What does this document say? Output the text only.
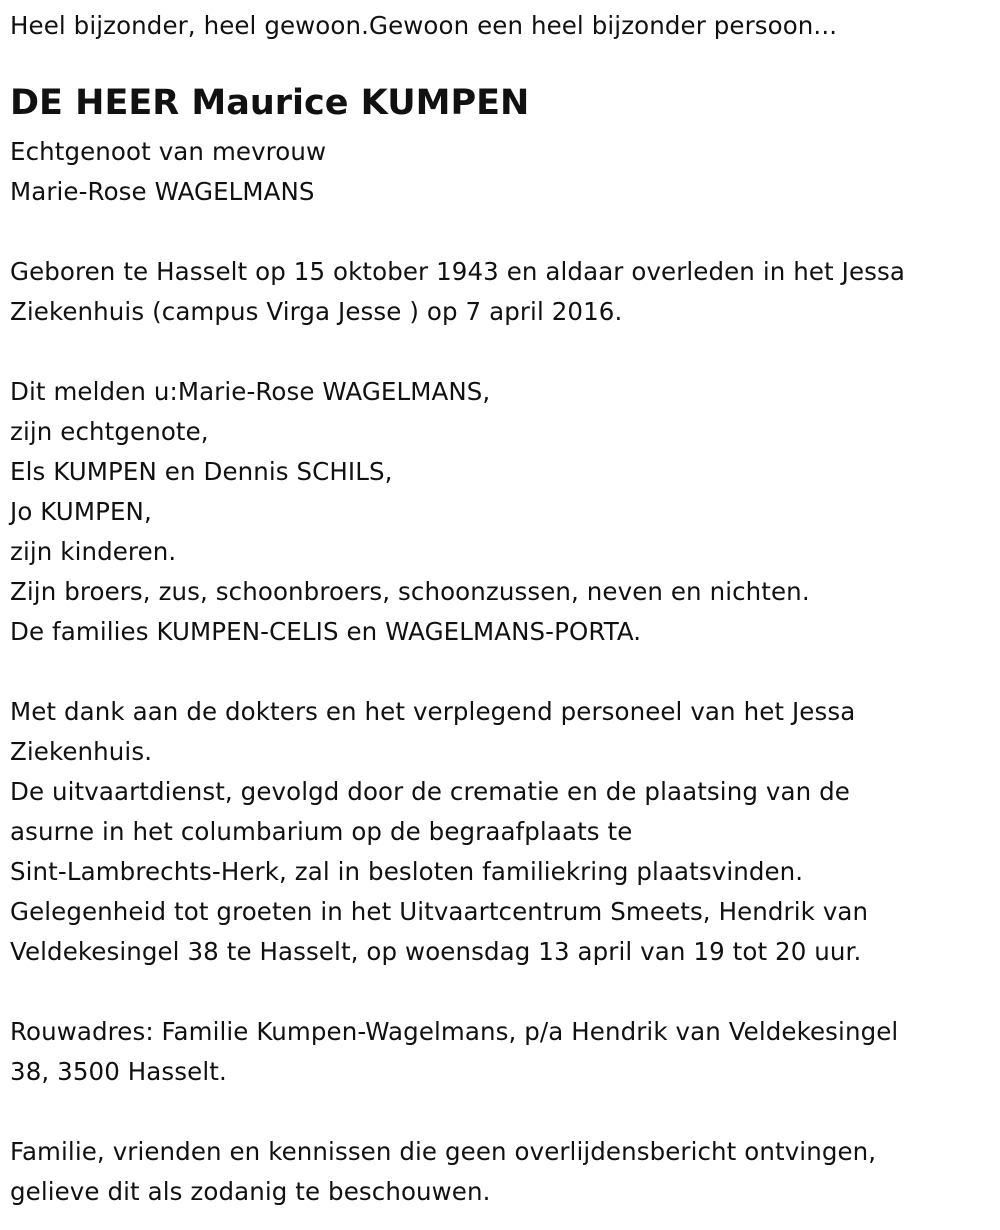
Heel bijzonder, heel gewoon.Gewoon een heel bijzonder persoon...
DE HEER Maurice KUMPEN
Echtgenoot van mevrouw
Marie-Rose WAGELMANS
Geboren te Hasselt op 15 oktober 1943 en aldaar overleden in het Jessa
Ziekenhuis (campus Virga Jesse ) op 7 april 2016.
Dit melden u:Marie-Rose WAGELMANS,
zijn echtgenote,
Els KUMPEN en Dennis SCHILS,
Jo KUMPEN,
zijn kinderen.
Zijn broers, zus, schoonbroers, schoonzussen, neven en nichten.
De families KUMPEN-CELIS en WAGELMANS-PORTA.
Met dank aan de dokters en het verplegend personeel van het Jessa
Ziekenhuis.
De uitvaartdienst, gevolgd door de crematie en de plaatsing van de
asurne in het columbarium op de begraafplaats te
Sint-Lambrechts-Herk, zal in besloten familiekring plaatsvinden.
Gelegenheid tot groeten in het Uitvaartcentrum Smeets, Hendrik van
Veldekesingel 38 te Hasselt, op woensdag 13 april van 19 tot 20 uur.
Rouwadres: Familie Kumpen-Wagelmans, p/a Hendrik van Veldekesingel
38, 3500 Hasselt.
Familie, vrienden en kennissen die geen overlijdensbericht ontvingen,
gelieve dit als zodanig te beschouwen.
